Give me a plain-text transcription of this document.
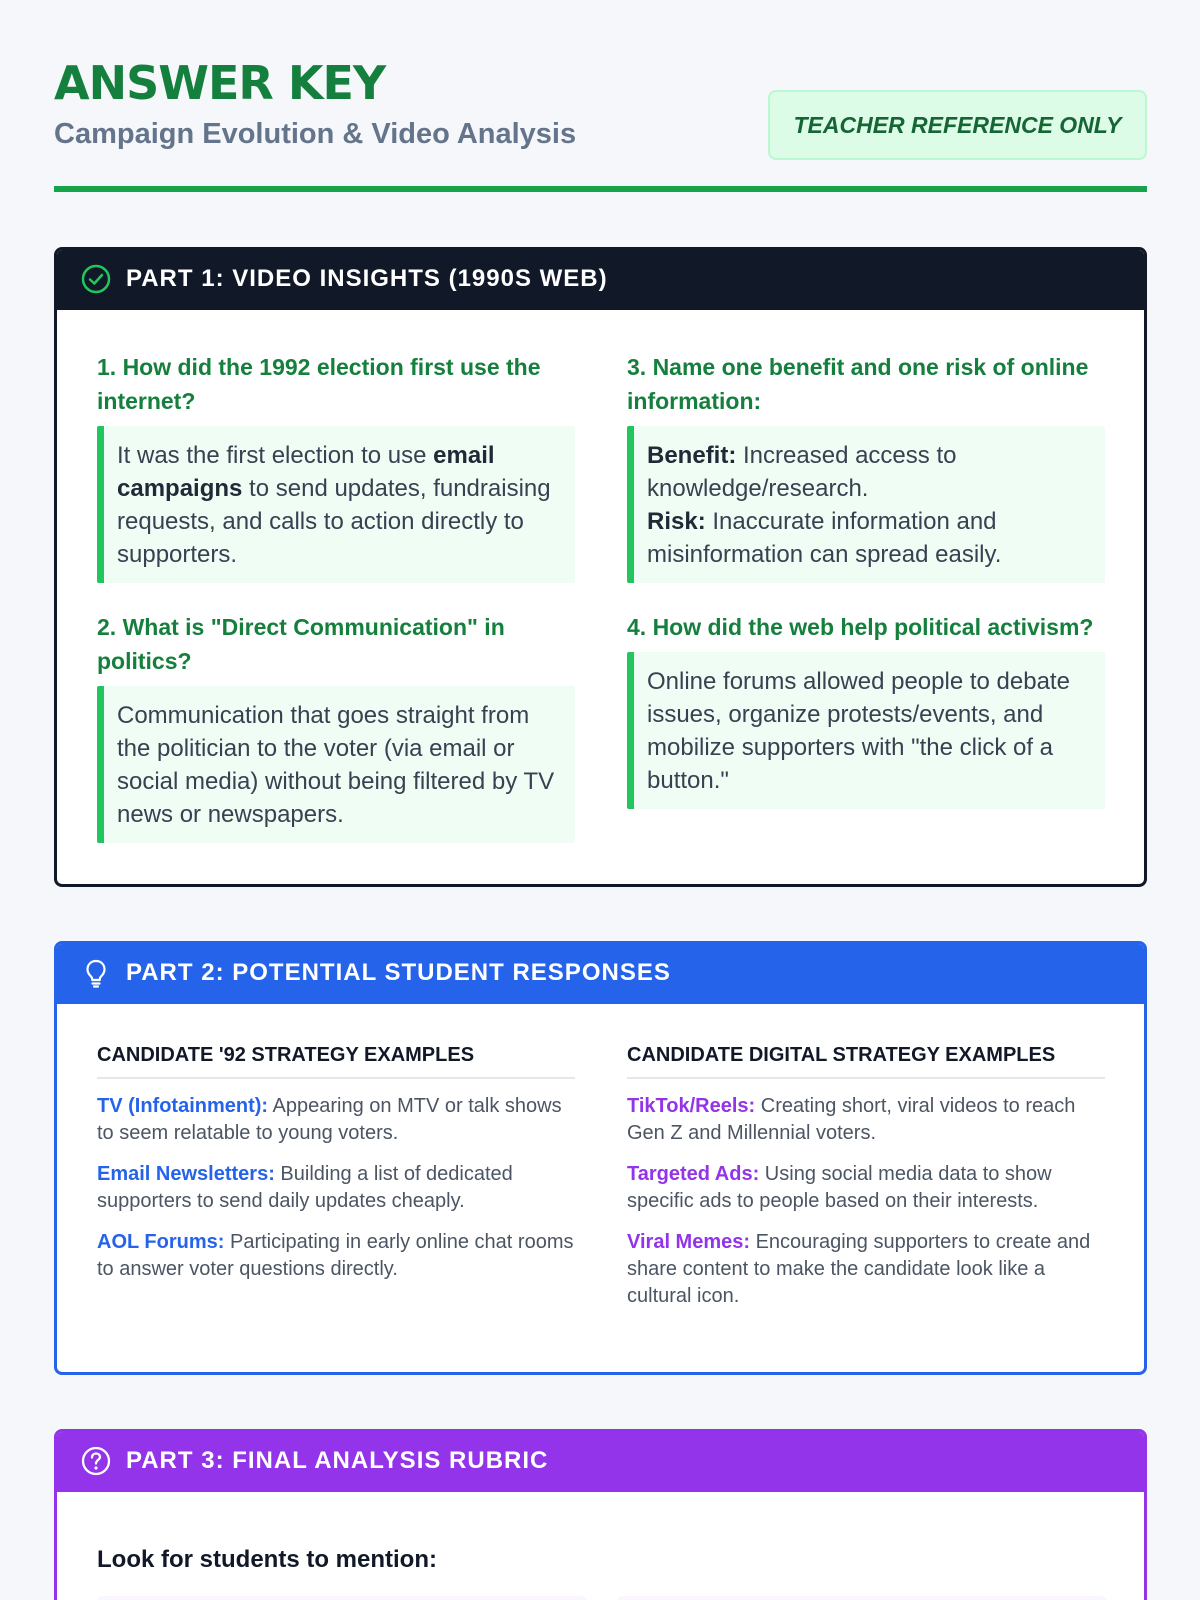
ANSWER KEY
Campaign Evolution & Video Analysis	TEACHER REFERENCE ONLY
PART 1: VIDEO INSIGHTS (1990S WEB)
1. How did the 1992 election first use the internet?
It was the first election to use email campaigns to send updates, fundraising requests, and calls to action directly to supporters.
2. What is "Direct Communication" in politics?
Communication that goes straight from the politician to the voter (via email or social media) without being filtered by TV news or newspapers.
3. Name one benefit and one risk of online information:
Benefit: Increased access to knowledge/research.
Risk: Inaccurate information and misinformation can spread easily.
4. How did the web help political activism?
Online forums allowed people to debate issues, organize protests/events, and mobilize supporters with "the click of a button."
PART 2: POTENTIAL STUDENT RESPONSES
CANDIDATE '92 STRATEGY EXAMPLES
TV (Infotainment): Appearing on MTV or talk shows to seem relatable to young voters.
Email Newsletters: Building a list of dedicated supporters to send daily updates cheaply.
AOL Forums: Participating in early online chat rooms to answer voter questions directly.
CANDIDATE DIGITAL STRATEGY EXAMPLES
TikTok/Reels: Creating short, viral videos to reach Gen Z and Millennial voters.
Targeted Ads: Using social media data to show specific ads to people based on their interests.
Viral Memes: Encouraging supporters to create and share content to make the candidate look like a cultural icon.
PART 3: FINAL ANALYSIS RUBRIC
Look for students to mention:
